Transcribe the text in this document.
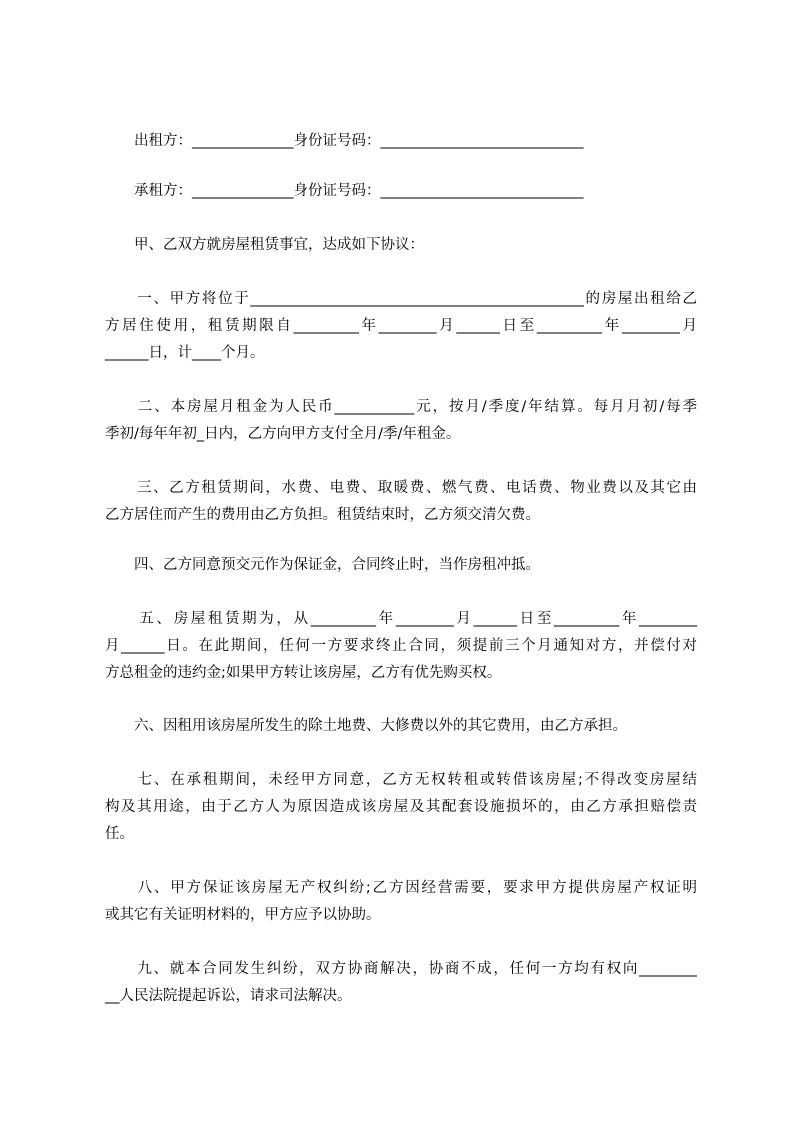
　　出租方：______________身份证号码：____________________________
　　承租方：______________身份证号码：____________________________
　　甲、乙双方就房屋租赁事宜，达成如下协议：
　　一、甲方将位于______________________________________________的房屋出租给乙
方居住使用，租赁期限自_________年________月______日至_________年________月
______日，计____个月。
　　二、本房屋月租金为人民币___________元，按月/季度/年结算。每月月初/每季
季初/每年年初_日内，乙方向甲方支付全月/季/年租金。
　　三、乙方租赁期间，水费、电费、取暖费、燃气费、电话费、物业费以及其它由
乙方居住而产生的费用由乙方负担。租赁结束时，乙方须交清欠费。
　　四、乙方同意预交元作为保证金，合同终止时，当作房租冲抵。
　　五、房屋租赁期为，从_________年________月______日至_________年________
月______日。在此期间，任何一方要求终止合同，须提前三个月通知对方，并偿付对
方总租金的违约金;如果甲方转让该房屋，乙方有优先购买权。
　　六、因租用该房屋所发生的除土地费、大修费以外的其它费用，由乙方承担。
　　七、在承租期间，未经甲方同意，乙方无权转租或转借该房屋;不得改变房屋结
构及其用途，由于乙方人为原因造成该房屋及其配套设施损坏的，由乙方承担赔偿责
任。
　　八、甲方保证该房屋无产权纠纷;乙方因经营需要，要求甲方提供房屋产权证明
或其它有关证明材料的，甲方应予以协助。
　　九、就本合同发生纠纷，双方协商解决，协商不成，任何一方均有权向________
__人民法院提起诉讼，请求司法解决。
